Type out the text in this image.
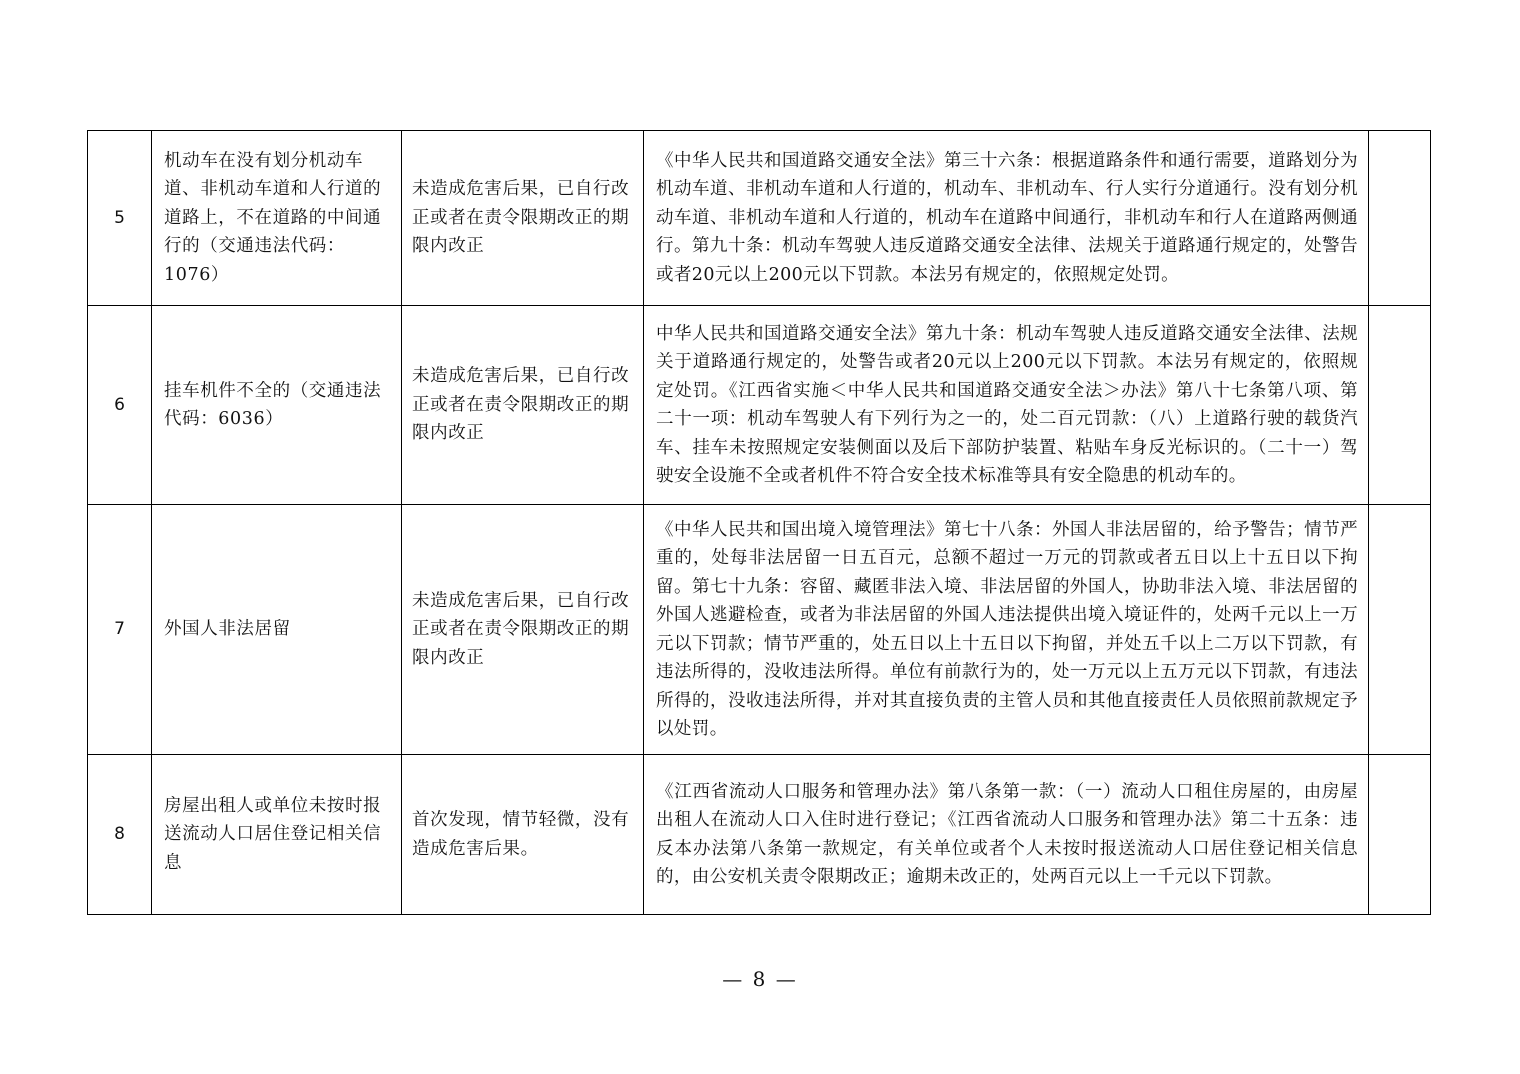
5	机动车在没有划分机动车道、非机动车道和人行道的道路上，不在道路的中间通行的（交通违法代码：1076）	未造成危害后果，已自行改正或者在责令限期改正的期限内改正	《中华人民共和国道路交通安全法》第三十六条：根据道路条件和通行需要，道路划分为机动车道、非机动车道和人行道的，机动车、非机动车、行人实行分道通行。没有划分机动车道、非机动车道和人行道的，机动车在道路中间通行，非机动车和行人在道路两侧通行。第九十条：机动车驾驶人违反道路交通安全法律、法规关于道路通行规定的，处警告或者20元以上200元以下罚款。本法另有规定的，依照规定处罚。	
6	挂车机件不全的（交通违法代码：6036）	未造成危害后果，已自行改正或者在责令限期改正的期限内改正	中华人民共和国道路交通安全法》第九十条：机动车驾驶人违反道路交通安全法律、法规关于道路通行规定的，处警告或者20元以上200元以下罚款。本法另有规定的，依照规定处罚。《江西省实施＜中华人民共和国道路交通安全法＞办法》第八十七条第八项、第二十一项：机动车驾驶人有下列行为之一的，处二百元罚款：（八）上道路行驶的载货汽车、挂车未按照规定安装侧面以及后下部防护装置、粘贴车身反光标识的。（二十一）驾驶安全设施不全或者机件不符合安全技术标准等具有安全隐患的机动车的。	
7	外国人非法居留	未造成危害后果，已自行改正或者在责令限期改正的期限内改正	《中华人民共和国出境入境管理法》第七十八条：外国人非法居留的，给予警告；情节严重的，处每非法居留一日五百元，总额不超过一万元的罚款或者五日以上十五日以下拘留。第七十九条：容留、藏匿非法入境、非法居留的外国人，协助非法入境、非法居留的外国人逃避检查，或者为非法居留的外国人违法提供出境入境证件的，处两千元以上一万元以下罚款；情节严重的，处五日以上十五日以下拘留，并处五千以上二万以下罚款，有违法所得的，没收违法所得。单位有前款行为的，处一万元以上五万元以下罚款，有违法所得的，没收违法所得，并对其直接负责的主管人员和其他直接责任人员依照前款规定予以处罚。	
8	房屋出租人或单位未按时报送流动人口居住登记相关信息	首次发现，情节轻微，没有造成危害后果。	《江西省流动人口服务和管理办法》第八条第一款：（一）流动人口租住房屋的，由房屋出租人在流动人口入住时进行登记；《江西省流动人口服务和管理办法》第二十五条：违反本办法第八条第一款规定，有关单位或者个人未按时报送流动人口居住登记相关信息的，由公安机关责令限期改正；逾期未改正的，处两百元以上一千元以下罚款。	
— 8 —
